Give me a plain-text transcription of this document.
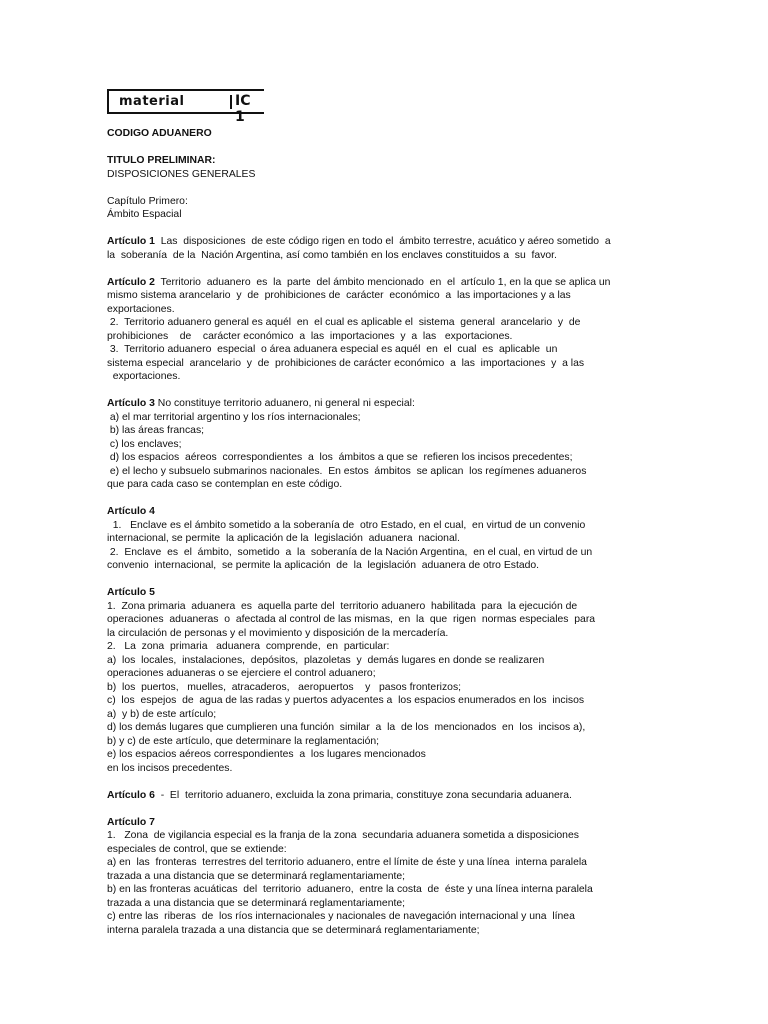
material	IC 1
CODIGO ADUANERO
TITULO PRELIMINAR:
DISPOSICIONES GENERALES
Capítulo Primero:
Ámbito Espacial
Artículo 1  Las  disposiciones  de este código rigen en todo el  ámbito terrestre, acuático y aéreo sometido  a
la  soberanía  de la  Nación Argentina, así como también en los enclaves constituidos a  su  favor.
Artículo 2  Territorio  aduanero  es  la  parte  del ámbito mencionado  en  el  artículo 1, en la que se aplica un
mismo sistema arancelario  y  de  prohibiciones de  carácter  económico  a  las importaciones y a las
exportaciones.
2.  Territorio aduanero general es aquél  en  el cual es aplicable el  sistema  general  arancelario  y  de
prohibiciones    de    carácter económico  a  las  importaciones  y  a  las   exportaciones.
3.  Territorio aduanero  especial  o área aduanera especial es aquél  en  el  cual  es  aplicable  un
sistema especial  arancelario  y  de  prohibiciones de carácter económico  a  las  importaciones  y  a las
exportaciones.
Artículo 3 No constituye territorio aduanero, ni general ni especial:
a) el mar territorial argentino y los ríos internacionales;
b) las áreas francas;
c) los enclaves;
d) los espacios  aéreos  correspondientes  a  los  ámbitos a que se  refieren los incisos precedentes;
e) el lecho y subsuelo submarinos nacionales.  En estos  ámbitos  se aplican  los regímenes aduaneros
que para cada caso se contemplan en este código.
Artículo 4
1.   Enclave es el ámbito sometido a la soberanía de  otro Estado, en el cual,  en virtud de un convenio
internacional, se permite  la aplicación de la  legislación  aduanera  nacional.
2.  Enclave  es  el  ámbito,  sometido  a  la  soberanía de la Nación Argentina,  en el cual, en virtud de un
convenio  internacional,  se permite la aplicación  de  la  legislación  aduanera de otro Estado.
Artículo 5
1.  Zona primaria  aduanera  es  aquella parte del  territorio aduanero  habilitada  para  la ejecución de
operaciones  aduaneras  o  afectada al control de las mismas,  en  la  que  rigen  normas especiales  para
la circulación de personas y el movimiento y disposición de la mercadería.
2.   La  zona  primaria   aduanera  comprende,  en  particular:
a)  los  locales,  instalaciones,  depósitos,  plazoletas  y  demás lugares en donde se realizaren
operaciones aduaneras o se ejerciere el control aduanero;
b)  los  puertos,   muelles,  atracaderos,   aeropuertos    y   pasos fronterizos;
c)  los  espejos  de  agua de las radas y puertos adyacentes a  los espacios enumerados en los  incisos
a)  y b) de este artículo;
d) los demás lugares que cumplieren una función  similar  a  la  de los  mencionados  en  los  incisos a),
b) y c) de este artículo, que determinare la reglamentación;
e) los espacios aéreos correspondientes  a  los lugares mencionados
en los incisos precedentes.
Artículo 6  -  El  territorio aduanero, excluida la zona primaria, constituye zona secundaria aduanera.
Artículo 7
1.   Zona  de vigilancia especial es la franja de la zona  secundaria aduanera sometida a disposiciones
especiales de control, que se extiende:
a) en  las  fronteras  terrestres del territorio aduanero, entre el límite de éste y una línea  interna paralela
trazada a una distancia que se determinará reglamentariamente;
b) en las fronteras acuáticas  del  territorio  aduanero,  entre la costa  de  éste y una línea interna paralela
trazada a una distancia que se determinará reglamentariamente;
c) entre las  riberas  de  los ríos internacionales y nacionales de navegación internacional y una  línea
interna paralela trazada a una distancia que se determinará reglamentariamente;
